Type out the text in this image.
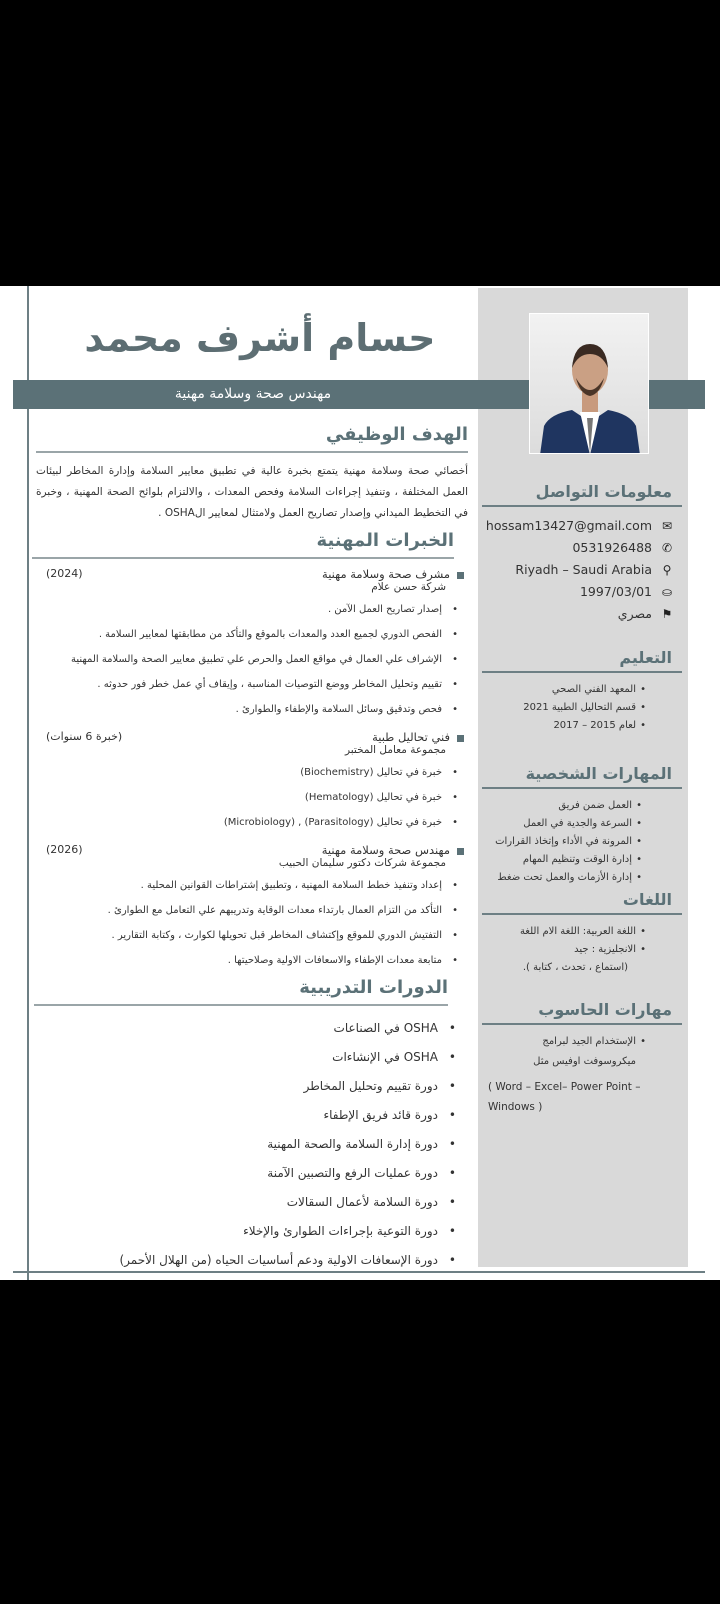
حسام أشرف محمد
مهندس صحة وسلامة مهنية
الهدف الوظيفي

أخصائي صحة وسلامة مهنية يتمتع بخبرة عالية في تطبيق معايير السلامة وإدارة المخاطر لبيئات العمل المختلفة ، وتنفيذ إجراءات السلامة وفحص المعدات ، والالتزام بلوائح الصحة المهنية ، وخبرة في التخطيط الميداني وإصدار تصاريح العمل ولامتثال لمعايير الOSHA .

الخبرات المهنية
مشرف صحة وسلامة مهنية
شركة حسن علام
(2024)
• إصدار تصاريح العمل الآمن .
• الفحص الدوري لجميع العدد والمعدات بالموقع والتأكد من مطابقتها لمعايير السلامة .
• الإشراف علي العمال في مواقع العمل والحرص علي تطبيق معايير الصحة والسلامة المهنية
• تقييم وتحليل المخاطر ووضع التوصيات المناسبة ، وإيقاف أي عمل خطر فور حدوثه .
• فحص وتدقيق وسائل السلامة والإطفاء والطوارئ .
فني تحاليل طبية
مجموعة معامل المختبر
(خبرة 6 سنوات)
• خبرة في تحاليل (Biochemistry)
• خبرة في تحاليل (Hematology)
• خبرة في تحاليل (Parasitology) , (Microbiology)
مهندس صحة وسلامة مهنية
مجموعة شركات دكتور سليمان الحبيب
(2026)
• إعداد وتنفيذ خطط السلامة المهنية ، وتطبيق إشتراطات القوانين المحلية .
• التأكد من التزام العمال بارتداء معدات الوقاية وتدريبهم علي التعامل مع الطوارئ .
• التفتيش الدوري للموقع وإكتشاف المخاطر قبل تحويلها لكوارث ، وكتابة التقارير .
• متابعة معدات الإطفاء والاسعافات الاولية وصلاحيتها .
الدورات التدريبية
• OSHA في الصناعات
• OSHA في الإنشاءات
• دورة تقييم وتحليل المخاطر
• دورة قائد فريق الإطفاء
• دورة إدارة السلامة والصحة المهنية
• دورة عمليات الرفع والتصبين الآمنة
• دورة السلامة لأعمال السقالات
• دورة التوعية بإجراءات الطوارئ والإخلاء
• دورة الإسعافات الاولية ودعم أساسيات الحياه (من الهلال الأحمر)
معلومات التواصل
✉
hossam13427@gmail.com
✆
0531926488
⚲
Riyadh – Saudi Arabia
⛀
1997/03/01
⚑
مصري
التعليم
• المعهد الفني الصحي
• قسم التحاليل الطبية 2021
• لعام 2015 – 2017
المهارات الشخصية
• العمل ضمن فريق
• السرعة والجدية في العمل
• المرونة في الأداء وإتخاذ القرارات
• إدارة الوقت وتنظيم المهام
• إدارة الأزمات والعمل تحت ضغط
اللغات
• اللغة العربية: اللغة الام اللغة
• الانجليزية : جيد
(استماع ، تحدث ، كتابة ).
مهارات الحاسوب
• الإستخدام الجيد لبرامج
ميكروسوفت اوفيس مثل
( Word – Excel– Power Point – Windows )
